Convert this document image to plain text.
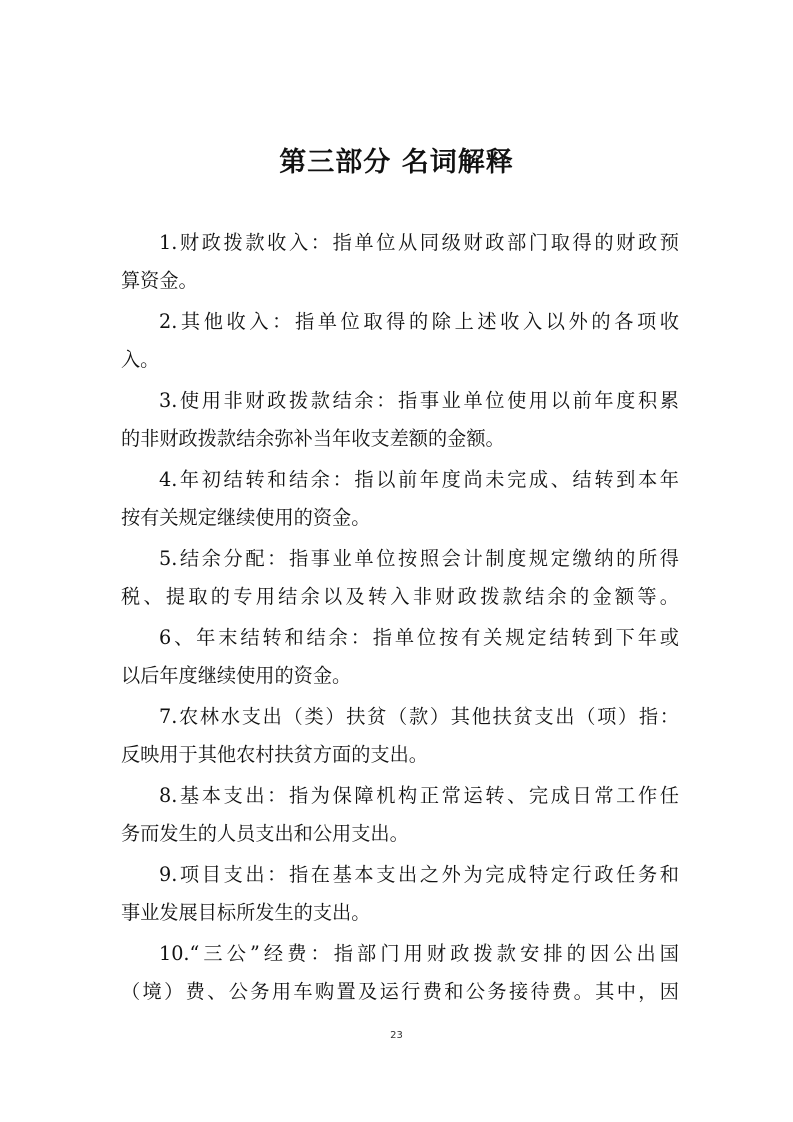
第三部分 名词解释
1.财政拨款收入：指单位从同级财政部门取得的财政预
算资金。
2.其他收入：指单位取得的除上述收入以外的各项收
入。
3.使用非财政拨款结余：指事业单位使用以前年度积累
的非财政拨款结余弥补当年收支差额的金额。
4.年初结转和结余：指以前年度尚未完成、结转到本年
按有关规定继续使用的资金。
5.结余分配：指事业单位按照会计制度规定缴纳的所得
税、提取的专用结余以及转入非财政拨款结余的金额等。
6、年末结转和结余：指单位按有关规定结转到下年或
以后年度继续使用的资金。
7.农林水支出（类）扶贫（款）其他扶贫支出（项）指：
反映用于其他农村扶贫方面的支出。
8.基本支出：指为保障机构正常运转、完成日常工作任
务而发生的人员支出和公用支出。
9.项目支出：指在基本支出之外为完成特定行政任务和
事业发展目标所发生的支出。
10.“三公”经费：指部门用财政拨款安排的因公出国
（境）费、公务用车购置及运行费和公务接待费。其中，因
23
